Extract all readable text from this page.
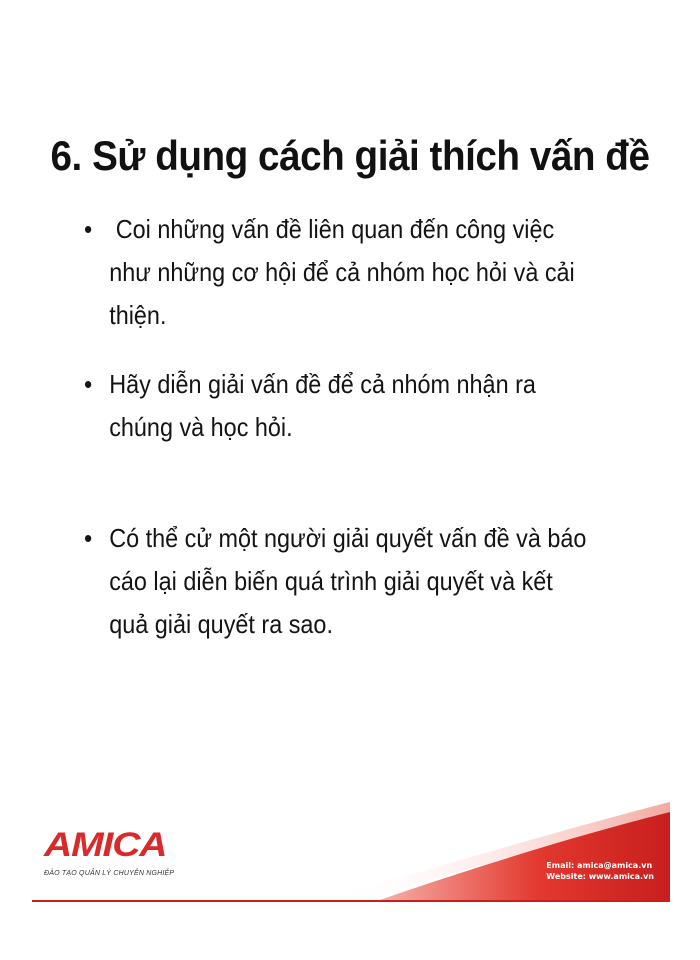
6. Sử dụng cách giải thích vấn đề
• Coi những vấn đề liên quan đến công việc như những cơ hội để cả nhóm học hỏi và cải thiện.
• Hãy diễn giải vấn đề để cả nhóm nhận ra chúng và học hỏi.
• Có thể cử một người giải quyết vấn đề và báo cáo lại diễn biến quá trình giải quyết và kết quả giải quyết ra sao.
AMICA
ĐÀO TẠO QUẢN LÝ CHUYÊN NGHIỆP
Email: amica@amica.vn
Website: www.amica.vn
